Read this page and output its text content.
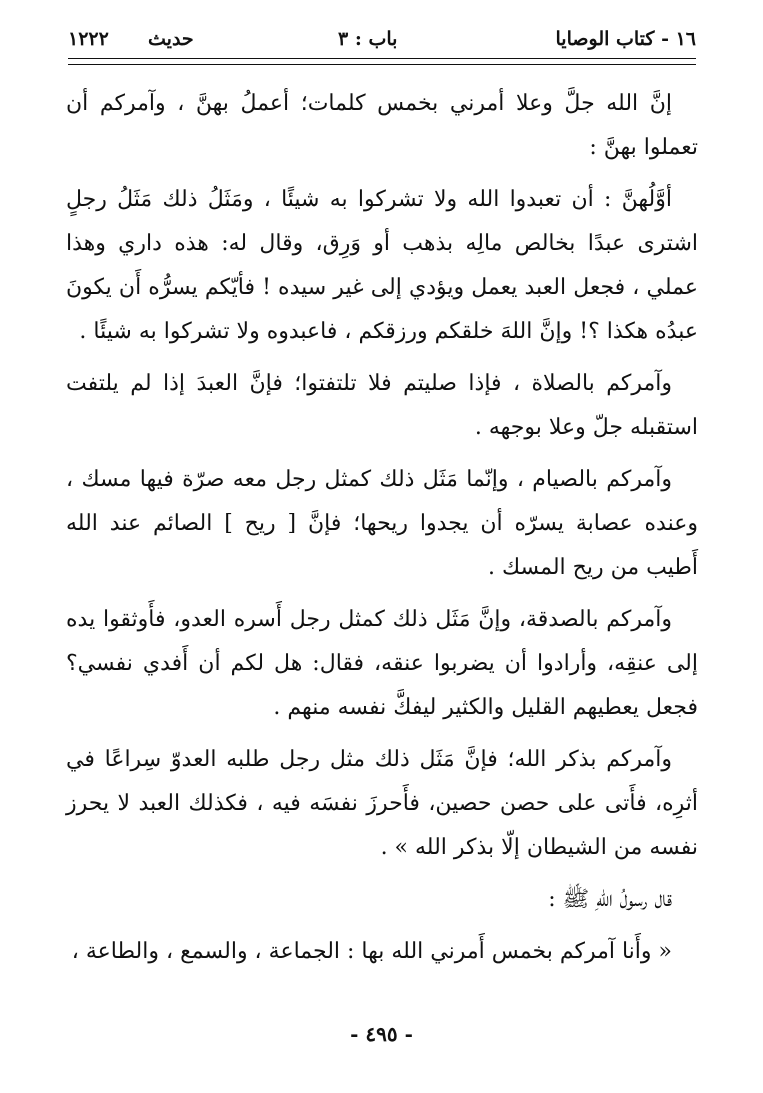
١٦ - كتاب الوصايا
باب : ٣
حديث
١٢٢٢

إنَّ الله جلَّ وعلا أمرني بخمس كلمات؛ أعملُ بهنَّ ، وآمركم أن تعملوا بهنَّ :

أوَّلُهنَّ : أن تعبدوا الله ولا تشركوا به شيئًا ، ومَثَلُ ذلك مَثَلُ رجلٍ اشترى عبدًا بخالص مالِه بذهب أو وَرِق، وقال له: هذه داري وهذا عملي ، فجعل العبد يعمل ويؤدي إلى غير سيده ! فأيّكم يسرُّه أَن يكونَ عبدُه هكذا ؟! وإنَّ اللهَ خلقكم ورزقكم ، فاعبدوه ولا تشركوا به شيئًا .

وآمركم بالصلاة ، فإذا صليتم فلا تلتفتوا؛ فإنَّ العبدَ إذا لم يلتفت استقبله جلّ وعلا بوجهه .

وآمركم بالصيام ، وإنّما مَثَل ذلك كمثل رجل معه صرّة فيها مسك ، وعنده عصابة يسرّه أن يجدوا ريحها؛ فإنَّ [ ريح ] الصائم عند الله أَطيب من ريح المسك .

وآمركم بالصدقة، وإنَّ مَثَل ذلك كمثل رجل أَسره العدو، فأَوثقوا يده إلى عنقِه، وأرادوا أن يضربوا عنقه، فقال: هل لكم أن أَفدي نفسي؟ فجعل يعطيهم القليل والكثير ليفكَّ نفسه منهم .

وآمركم بذكر الله؛ فإنَّ مَثَل ذلك مثل رجل طلبه العدوّ سِراعًا في أثرِه، فأَتى على حصن حصين، فأَحرزَ نفسَه فيه ، فكذلك العبد لا يحرز نفسه من الشيطان إلّا بذكر الله » .

قال رسولُ اللهِ ﷺ :

« وأَنا آمركم بخمس أَمرني الله بها : الجماعة ، والسمع ، والطاعة ،

- ٤٩٥ -
